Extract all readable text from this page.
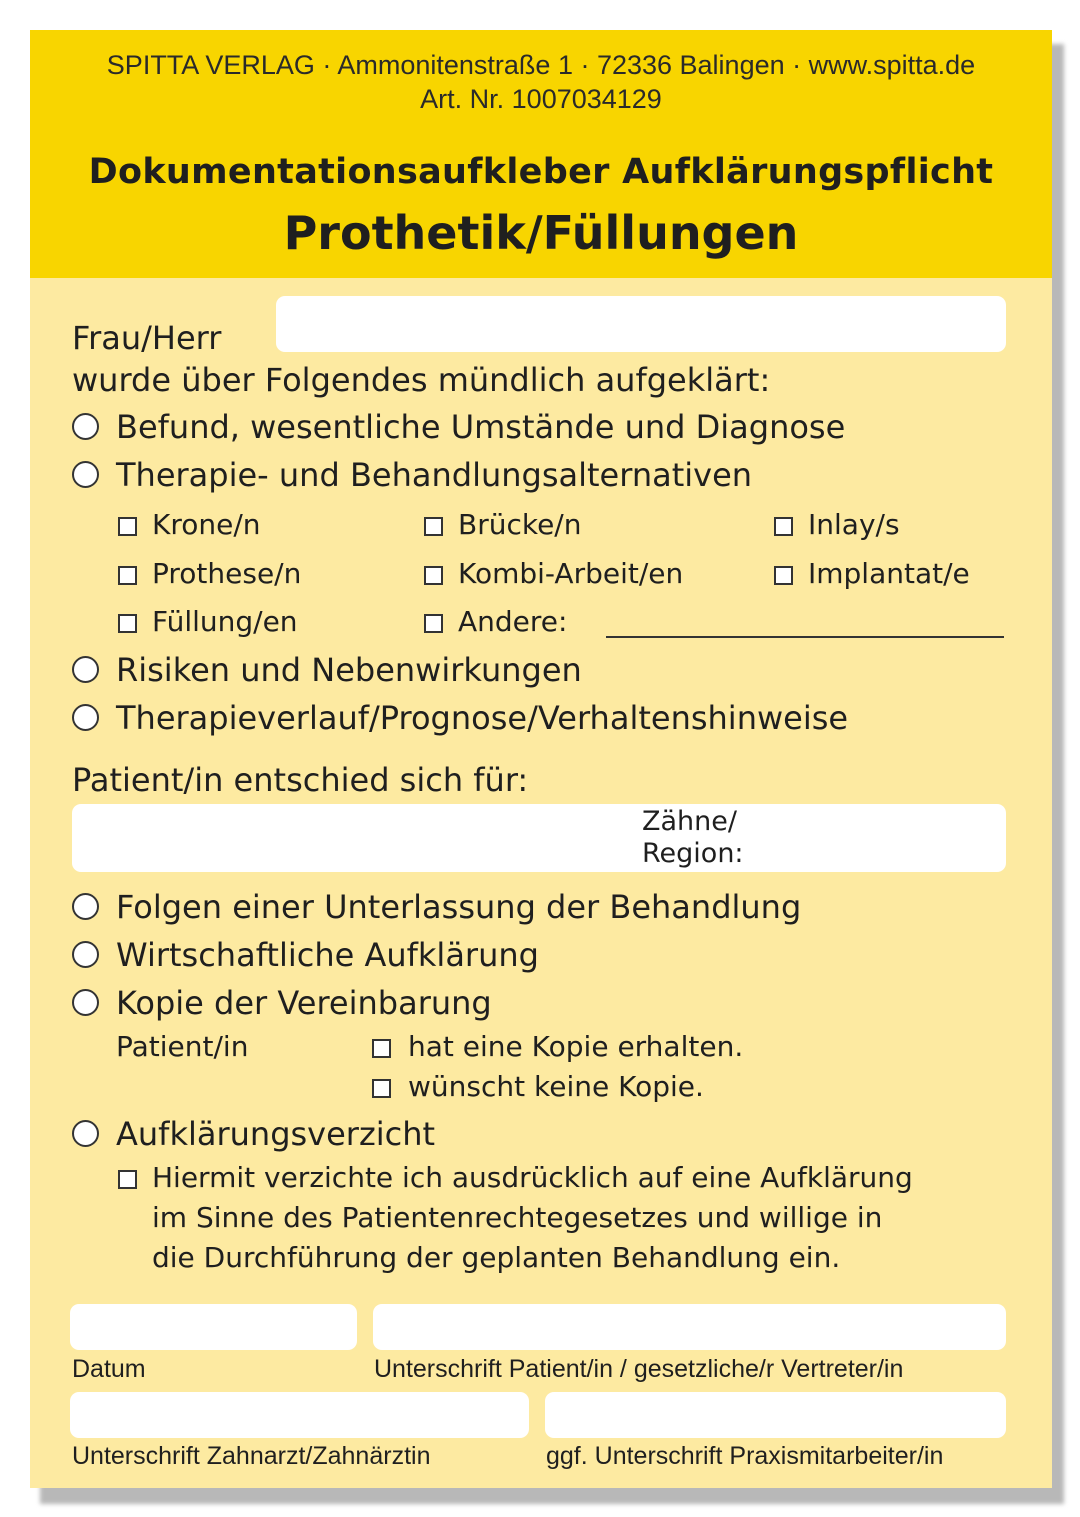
SPITTA VERLAG · Ammonitenstraße 1 · 72336 Balingen · www.spitta.de
Art. Nr. 1007034129
Dokumentationsaufkleber Aufklärungspflicht
Prothetik/Füllungen
Frau/Herr
wurde über Folgendes mündlich aufgeklärt:
Befund, wesentliche Umstände und Diagnose
Therapie- und Behandlungsalternativen
Krone/n	Brücke/n	Inlay/s
Prothese/n	Kombi-Arbeit/en	Implantat/e
Füllung/en	Andere:
Risiken und Nebenwirkungen
Therapieverlauf/Prognose/Verhaltenshinweise
Patient/in entschied sich für:
Zähne/
Region:
Folgen einer Unterlassung der Behandlung
Wirtschaftliche Aufklärung
Kopie der Vereinbarung
Patient/in	hat eine Kopie erhalten.
wünscht keine Kopie.
Aufklärungsverzicht
Hiermit verzichte ich ausdrücklich auf eine Aufklärung
im Sinne des Patientenrechtegesetzes und willige in
die Durchführung der geplanten Behandlung ein.
Datum	Unterschrift Patient/in / gesetzliche/r Vertreter/in
Unterschrift Zahnarzt/Zahnärztin	ggf. Unterschrift Praxismitarbeiter/in
